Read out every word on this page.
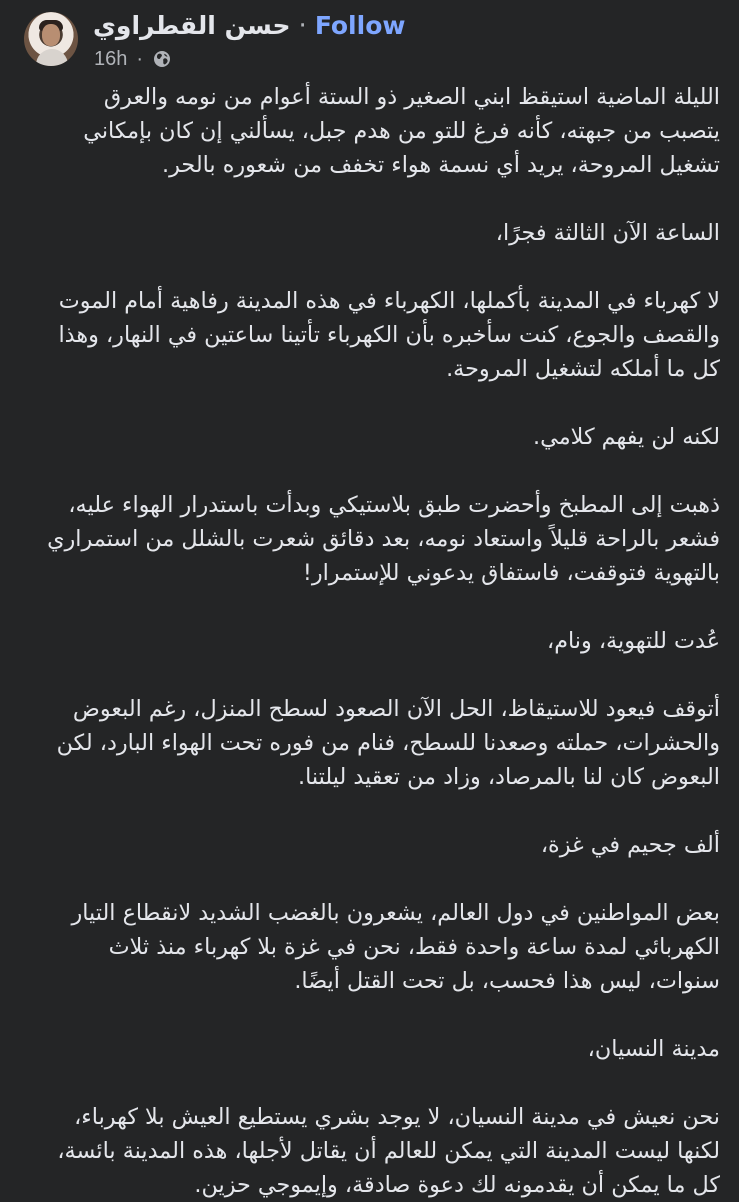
حسن القطراوي · Follow
16h ·

الليلة الماضية استيقظ ابني الصغير ذو الستة أعوام من نومه والعرق يتصبب من جبهته، كأنه فرغ للتو من هدم جبل، يسألني إن كان بإمكاني تشغيل المروحة، يريد أي نسمة هواء تخفف من شعوره بالحر.

الساعة الآن الثالثة فجرًا،

لا كهرباء في المدينة بأكملها، الكهرباء في هذه المدينة رفاهية أمام الموت والقصف والجوع، كنت سأخبره بأن الكهرباء تأتينا ساعتين في النهار، وهذا كل ما أملكه لتشغيل المروحة.

لكنه لن يفهم كلامي.

ذهبت إلى المطبخ وأحضرت طبق بلاستيكي وبدأت باستدرار الهواء عليه، فشعر بالراحة قليلاً واستعاد نومه، بعد دقائق شعرت بالشلل من استمراري بالتهوية فتوقفت، فاستفاق يدعوني للإستمرار!

عُدت للتهوية، ونام،

أتوقف فيعود للاستيقاظ، الحل الآن الصعود لسطح المنزل، رغم البعوض والحشرات، حملته وصعدنا للسطح، فنام من فوره تحت الهواء البارد، لكن البعوض كان لنا بالمرصاد، وزاد من تعقيد ليلتنا.

ألف جحيم في غزة،

بعض المواطنين في دول العالم، يشعرون بالغضب الشديد لانقطاع التيار الكهربائي لمدة ساعة واحدة فقط، نحن في غزة بلا كهرباء منذ ثلاث سنوات، ليس هذا فحسب، بل تحت القتل أيضًا.

مدينة النسيان،

نحن نعيش في مدينة النسيان، لا يوجد بشري يستطيع العيش بلا كهرباء، لكنها ليست المدينة التي يمكن للعالم أن يقاتل لأجلها، هذه المدينة بائسة، كل ما يمكن أن يقدمونه لك دعوة صادقة، وإيموجي حزين.
